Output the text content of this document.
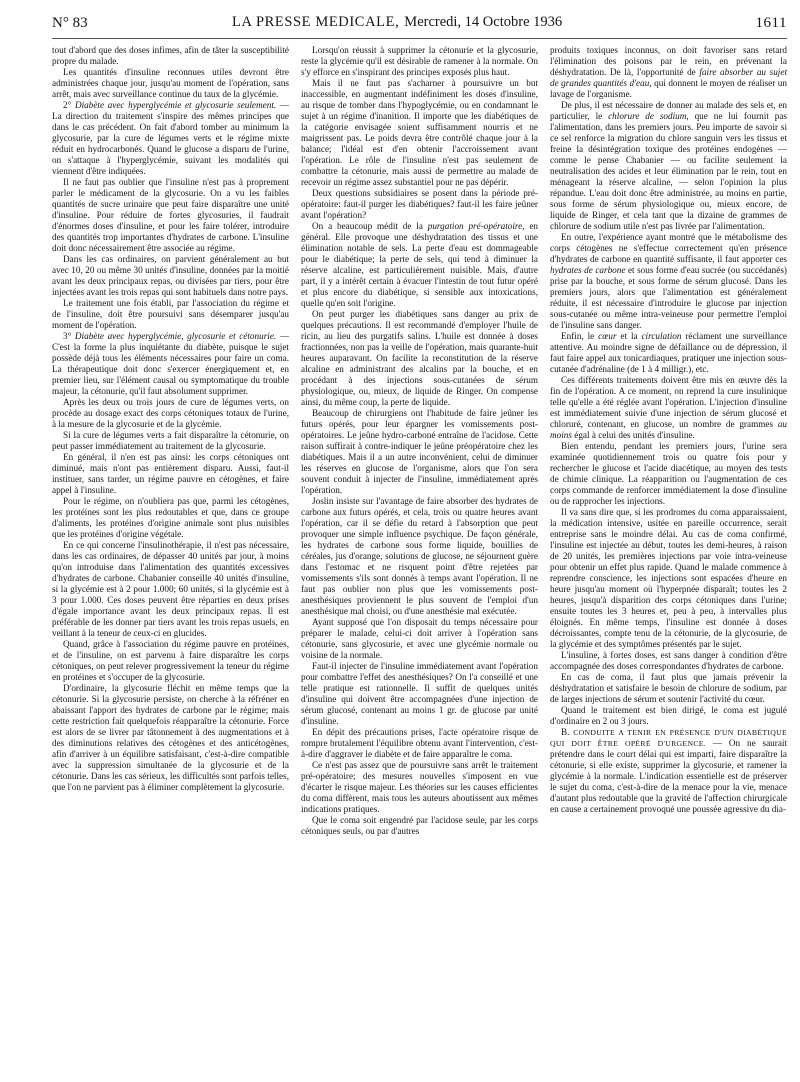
N° 83	LA PRESSE MEDICALE, Mercredi, 14 Octobre 1936	1611

tout d'abord que des doses infimes, afin de tâter la susceptibilité propre du malade.

Les quantités d'insuline reconnues utiles devront être administrées chaque jour, jusqu'au moment de l'opération, sans arrêt, mais avec surveillance continue du taux de la glycémie.

2° Diabète avec hyperglycémie et glycosurie seulement. — La direction du traitement s'inspire des mêmes principes que dans le cas précédent. On fait d'abord tomber au minimum la glycosurie, par la cure de légumes verts et le régime mixte réduit en hydrocarbonés. Quand le glucose a disparu de l'urine, on s'attaque à l'hyperglycémie, suivant les modalités qui viennent d'être indiquées.

Il ne faut pas oublier que l'insuline n'est pas à proprement parler le médicament de la glycosurie. On a vu les faibles quantités de sucre urinaire que peut faire disparaître une unité d'insuline. Pour réduire de fortes glycosuries, il faudrait d'énormes doses d'insuline, et pour les faire tolérer, introduire des quantités trop importantes d'hydrates de carbone. L'insuline doit donc nécessairement être associée au régime.

Dans les cas ordinaires, on parvient généralement au but avec 10, 20 ou même 30 unités d'insuline, données par la moitié avant les deux principaux repas, ou divisées par tiers, pour être injectées avant les trois repas qui sont habituels dans notre pays.

Le traitement une fois établi, par l'association du régime et de l'insuline, doit être poursuivi sans désemparer jusqu'au moment de l'opération.

3° Diabète avec hyperglycémie, glycosurie et cétonurie. — C'est la forme la plus inquiétante du diabète, puisque le sujet possède déjà tous les éléments nécessaires pour faire un coma. La thérapeutique doit donc s'exercer énergiquement et, en premier lieu, sur l'élément causal ou symptomatique du trouble majeur, la cétonurie, qu'il faut absolument supprimer.

Après les deux ou trois jours de cure de légumes verts, on procède au dosage exact des corps cétoniques totaux de l'urine, à la mesure de la glycosurie et de la glycémie.

Si la cure de légumes verts a fait disparaître la cétonurie, on peut passer immédiatement au traitement de la glycosurie.

En général, il n'en est pas ainsi: les corps cétoniques ont diminué, mais n'ont pas entièrement disparu. Aussi, faut-il instituer, sans tarder, un régime pauvre en cétogènes, et faire appel à l'insuline.

Pour le régime, on n'oubliera pas que, parmi les cétogènes, les protéines sont les plus redoutables et que, dans ce groupe d'aliments, les protéines d'origine animale sont plus nuisibles que les protéines d'origine végétale.

En ce qui concerne l'insulinothérapie, il n'est pas nécessaire, dans les cas ordinaires, de dépasser 40 unités par jour, à moins qu'on introduise dans l'alimentation des quantités excessives d'hydrates de carbone. Chabanier conseille 40 unités d'insuline, si la glycémie est à 2 pour 1.000; 60 unités, si la glycémie est à 3 pour 1.000. Ces doses peuvent être réparties en deux prises d'égale importance avant les deux principaux repas. Il est préférable de les donner par tiers avant les trois repas usuels, en veillant à la teneur de ceux-ci en glucides.

Quand, grâce à l'association du régime pauvre en protéines, et de l'insuline, on est parvenu à faire disparaître les corps cétoniques, on peut relever progressivement la teneur du régime en protéines et s'occuper de la glycosurie.

D'ordinaire, la glycosurie fléchit en même temps que la cétonurie. Si la glycosurie persiste, on cherche à la réfréner en abaissant l'apport des hydrates de carbone par le régime; mais cette restriction fait quelquefois réapparaître la cétonurie. Force est alors de se livrer par tâtonnement à des augmentations et à des diminutions relatives des cétogènes et des anticétogènes, afin d'arriver à un équilibre satisfaisant, c'est-à-dire compatible avec la suppression simultanée de la glycosurie et de la cétonurie. Dans les cas sérieux, les difficultés sont parfois telles, que l'on ne parvient pas à éliminer complètement la glycosurie.

Lorsqu'on réussit à supprimer la cétonurie et la glycosurie, reste la glycémie qu'il est désirable de ramener à la normale. On s'y efforce en s'inspirant des principes exposés plus haut.

Mais il ne faut pas s'acharner à poursuivre un but inaccessible, en augmentant indéfiniment les doses d'insuline, au risque de tomber dans l'hypoglycémie, ou en condamnant le sujet à un régime d'inanition. Il importe que les diabétiques de la catégorie envisagée soient suffisamment nourris et ne maigrissent pas. Le poids devra être contrôlé chaque jour à la balance; l'idéal est d'en obtenir l'accroissement avant l'opération. Le rôle de l'insuline n'est pas seulement de combattre la cétonurie, mais aussi de permettre au malade de recevoir un régime assez substantiel pour ne pas dépérir.

Deux questions subsidiaires se posent dans la période pré-opératoire: faut-il purger les diabétiques? faut-il les faire jeûner avant l'opération?

On a beaucoup médit de la purgation pré-opératoire, en général. Elle provoque une déshydratation des tissus et une élimination notable de sels. La perte d'eau est dommageable pour le diabétique; la perte de sels, qui tend à diminuer la réserve alcaline, est particulièrement nuisible. Mais, d'autre part, il y a intérêt certain à évacuer l'intestin de tout futur opéré et plus encore du diabétique, si sensible aux intoxications, quelle qu'en soit l'origine.

On peut purger les diabétiques sans danger au prix de quelques précautions. Il est recommandé d'employer l'huile de ricin, au lieu des purgatifs salins. L'huile est donnée à doses fractionnées, non pas la veille de l'opération, mais quarante-huit heures auparavant. On facilite la reconstitution de la réserve alcaline en administrant des alcalins par la bouche, et en procédant à des injections sous-cutanées de sérum physiologique, ou, mieux, de liquide de Ringer. On compense ainsi, du même coup, la perte de liquide.

Beaucoup de chirurgiens ont l'habitude de faire jeûner les futurs opérés, pour leur épargner les vomissements post-opératoires. Le jeûne hydro-carboné entraîne de l'acidose. Cette raison suffirait à contre-indiquer le jeûne préopératoire chez les diabétiques. Mais il a un autre inconvénient, celui de diminuer les réserves en glucose de l'organisme, alors que l'on sera souvent conduit à injecter de l'insuline, immédiatement après l'opération.

Joslin insiste sur l'avantage de faire absorber des hydrates de carbone aux futurs opérés, et cela, trois ou quatre heures avant l'opération, car il se défie du retard à l'absorption que peut provoquer une simple influence psychique. De façon générale, les hydrates de carbone sous forme liquide, bouillies de céréales, jus d'orange, solutions de glucose, ne séjournent guère dans l'estomac et ne risquent point d'être rejetées par vomissements s'ils sont donnés à temps avant l'opération. Il ne faut pas oublier non plus que les vomissements post-anesthésiques proviennent le plus souvent de l'emploi d'un anesthésique mal choisi, ou d'une anesthésie mal exécutée.

Ayant supposé que l'on disposait du temps nécessaire pour préparer le malade, celui-ci doit arriver à l'opération sans cétonurie, sans glycosurie, et avec une glycémie normale ou voisine de la normale.

Faut-il injecter de l'insuline immédiatement avant l'opération pour combattre l'effet des anesthésiques? On l'a conseillé et une telle pratique est rationnelle. Il suffit de quelques unités d'insuline qui doivent être accompagnées d'une injection de sérum glucosé, contenant au moins 1 gr. de glucose par unité d'insuline.

En dépit des précautions prises, l'acte opératoire risque de rompre brutalement l'équilibre obtenu avant l'intervention, c'est-à-dire d'aggraver le diabète et de faire apparaître le coma.

Ce n'est pas assez que de poursuivre sans arrêt le traitement pré-opératoire; des mesures nouvelles s'imposent en vue d'écarter le risque majeur. Les théories sur les causes efficientes du coma diffèrent, mais tous les auteurs aboutissent aux mêmes indications pratiques.

Que le coma soit engendré par l'acidose seule, par les corps cétoniques seuls, ou par d'autres

produits toxiques inconnus, on doit favoriser sans retard l'élimination des poisons par le rein, en prévenant la déshydratation. De là, l'opportunité de faire absorber au sujet de grandes quantités d'eau, qui donnent le moyen de réaliser un lavage de l'organisme.

De plus, il est nécessaire de donner au malade des sels et, en particulier, le chlorure de sodium, que ne lui fournit pas l'alimentation, dans les premiers jours. Peu importe de savoir si ce sel renforce la migration du chlore sanguin vers les tissus et freine la désintégration toxique des protéines endogènes — comme le pense Chabanier — ou facilite seulement la neutralisation des acides et leur élimination par le rein, tout en ménageant la réserve alcaline, — selon l'opinion la plus répandue. L'eau doit donc être administrée, au moins en partie, sous forme de sérum physiologique ou, mieux encore, de liquide de Ringer, et cela tant que la dizaine de grammes de chlorure de sodium utile n'est pas livrée par l'alimentation.

En outre, l'expérience ayant montré que le métabolisme des corps cétogènes ne s'effectue correctement qu'en présence d'hydrates de carbone en quantité suffisante, il faut apporter ces hydrates de carbone et sous forme d'eau sucrée (ou succédanés) prise par la bouche, et sous forme de sérum glucosé. Dans les premiers jours, alors que l'alimentation est généralement réduite, il est nécessaire d'introduire le glucose par injection sous-cutanée ou même intra-veineuse pour permettre l'emploi de l'insuline sans danger.

Enfin, le cœur et la circulation réclament une surveillance attentive. Au moindre signe de défaillance ou de dépression, il faut faire appel aux tonicardiaques, pratiquer une injection sous-cutanée d'adrénaline (de 1 à 4 milligr.), etc.

Ces différents traitements doivent être mis en œuvre dès la fin de l'opération. A ce moment, on reprend la cure insulinique telle qu'elle a été réglée avant l'opération. L'injection d'insuline est immédiatement suivie d'une injection de sérum glucosé et chloruré, contenant, en glucose, un nombre de grammes au moins égal à celui des unités d'insuline.

Bien entendu, pendant les premiers jours, l'urine sera examinée quotidiennement trois ou quatre fois pour y rechercher le glucose et l'acide diacétique, au moyen des tests de chimie clinique. La réapparition ou l'augmentation de ces corps commande de renforcer immédiatement la dose d'insuline ou de rapprocher les injections.

Il va sans dire que, si les prodromes du coma apparaissaient, la médication intensive, usitée en pareille occurrence, serait entreprise sans le moindre délai. Au cas de coma confirmé, l'insuline est injectée au début, toutes les demi-heures, à raison de 20 unités, les premières injections par voie intra-veineuse pour obtenir un effet plus rapide. Quand le malade commence à reprendre conscience, les injections sont espacées d'heure en heure jusqu'au moment où l'hyperpnée disparaît; toutes les 2 heures, jusqu'à disparition des corps cétoniques dans l'urine; ensuite toutes les 3 heures et, peu à peu, à intervalles plus éloignés. En même temps, l'insuline est donnée à doses décroissantes, compte tenu de la cétonurie, de la glycosurie, de la glycémie et des symptômes présentés par le sujet.

L'insuline, à fortes doses, est sans danger à condition d'être accompagnée des doses correspondantes d'hydrates de carbone.

En cas de coma, il faut plus que jamais prévenir la déshydratation et satisfaire le besoin de chlorure de sodium, par de larges injections de sérum et soutenir l'activité du cœur.

Quand le traitement est bien dirigé, le coma est jugulé d'ordinaire en 2 ou 3 jours.

B. CONDUITE A TENIR EN PRÉSENCE D'UN DIABÉTIQUE QUI DOIT ÊTRE OPÉRÉ D'URGENCE. — On ne saurait prétendre dans le court délai qui est imparti, faire disparaître la cétonurie, si elle existe, supprimer la glycosurie, et ramener la glycémie à la normale. L'indication essentielle est de préserver le sujet du coma, c'est-à-dire de la menace pour la vie, menace d'autant plus redoutable que la gravité de l'affection chirurgicale en cause a certainement provoqué une poussée agressive du dia-
